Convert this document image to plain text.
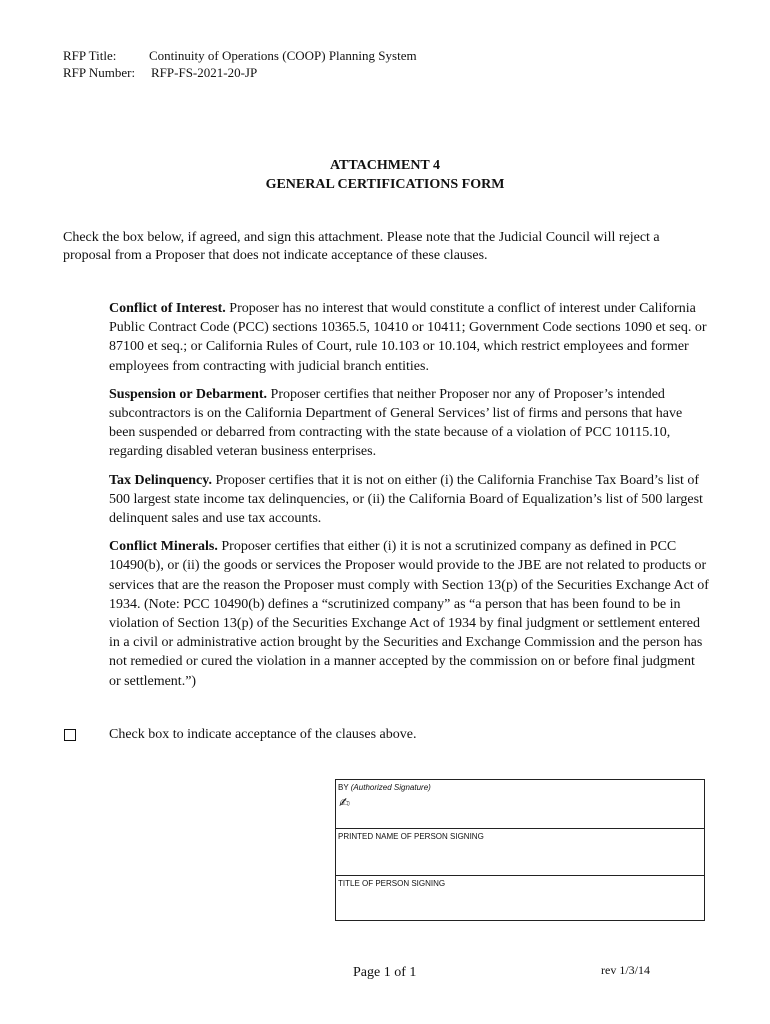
RFP Title:	Continuity of Operations (COOP) Planning System
RFP Number: RFP-FS-2021-20-JP
ATTACHMENT 4
GENERAL CERTIFICATIONS FORM
Check the box below, if agreed, and sign this attachment. Please note that the Judicial Council will reject a proposal from a Proposer that does not indicate acceptance of these clauses.

Conflict of Interest. Proposer has no interest that would constitute a conflict of interest under California Public Contract Code (PCC) sections 10365.5, 10410 or 10411; Government Code sections 1090 et seq. or 87100 et seq.; or California Rules of Court, rule 10.103 or 10.104, which restrict employees and former employees from contracting with judicial branch entities.

Suspension or Debarment. Proposer certifies that neither Proposer nor any of Proposer’s intended subcontractors is on the California Department of General Services’ list of firms and persons that have been suspended or debarred from contracting with the state because of a violation of PCC 10115.10, regarding disabled veteran business enterprises.

Tax Delinquency. Proposer certifies that it is not on either (i) the California Franchise Tax Board’s list of 500 largest state income tax delinquencies, or (ii) the California Board of Equalization’s list of 500 largest delinquent sales and use tax accounts.

Conflict Minerals. Proposer certifies that either (i) it is not a scrutinized company as defined in PCC 10490(b), or (ii) the goods or services the Proposer would provide to the JBE are not related to products or services that are the reason the Proposer must comply with Section 13(p) of the Securities Exchange Act of 1934. (Note: PCC 10490(b) defines a “scrutinized company” as “a person that has been found to be in violation of Section 13(p) of the Securities Exchange Act of 1934 by final judgment or settlement entered in a civil or administrative action brought by the Securities and Exchange Commission and the person has not remedied or cured the violation in a manner accepted by the commission on or before final judgment or settlement.”)

Check box to indicate acceptance of the clauses above.
BY (Authorized Signature)
✍
PRINTED NAME OF PERSON SIGNING
TITLE OF PERSON SIGNING
Page 1 of 1	rev 1/3/14
